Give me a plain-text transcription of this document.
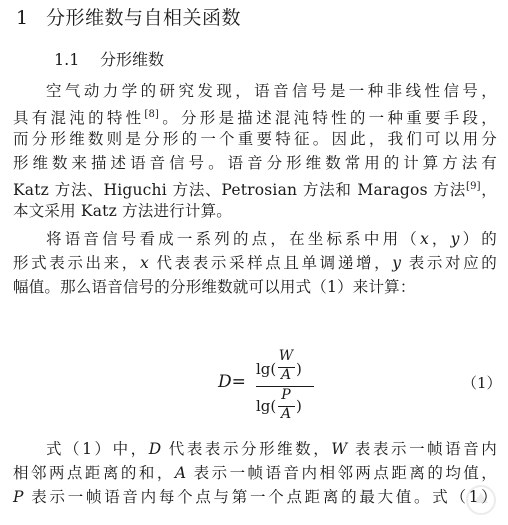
1 分形维数与自相关函数
1.1 分形维数
空气动力学的研究发现，语音信号是一种非线性信号，
具有混沌的特性[8]。分形是描述混沌特性的一种重要手段，
而分形维数则是分形的一个重要特征。因此，我们可以用分
形维数来描述语音信号。语音分形维数常用的计算方法有
Katz 方法、Higuchi 方法、Petrosian 方法和 Maragos 方法[9]，
本文采用 Katz 方法进行计算。
将语音信号看成一系列的点，在坐标系中用（x，y）的
形式表示出来，x 代表表示采样点且单调递增，y 表示对应的
幅值。那么语音信号的分形维数就可以用式（1）来计算：
D=
lg(
W
A )
lg(
P
A )
（1）
式（1）中，D 代表表示分形维数，W 表表示一帧语音内
相邻两点距离的和，A 表示一帧语音内相邻两点距离的均值，
P 表示一帧语音内每个点与第一个点距离的最大值。式（1）
